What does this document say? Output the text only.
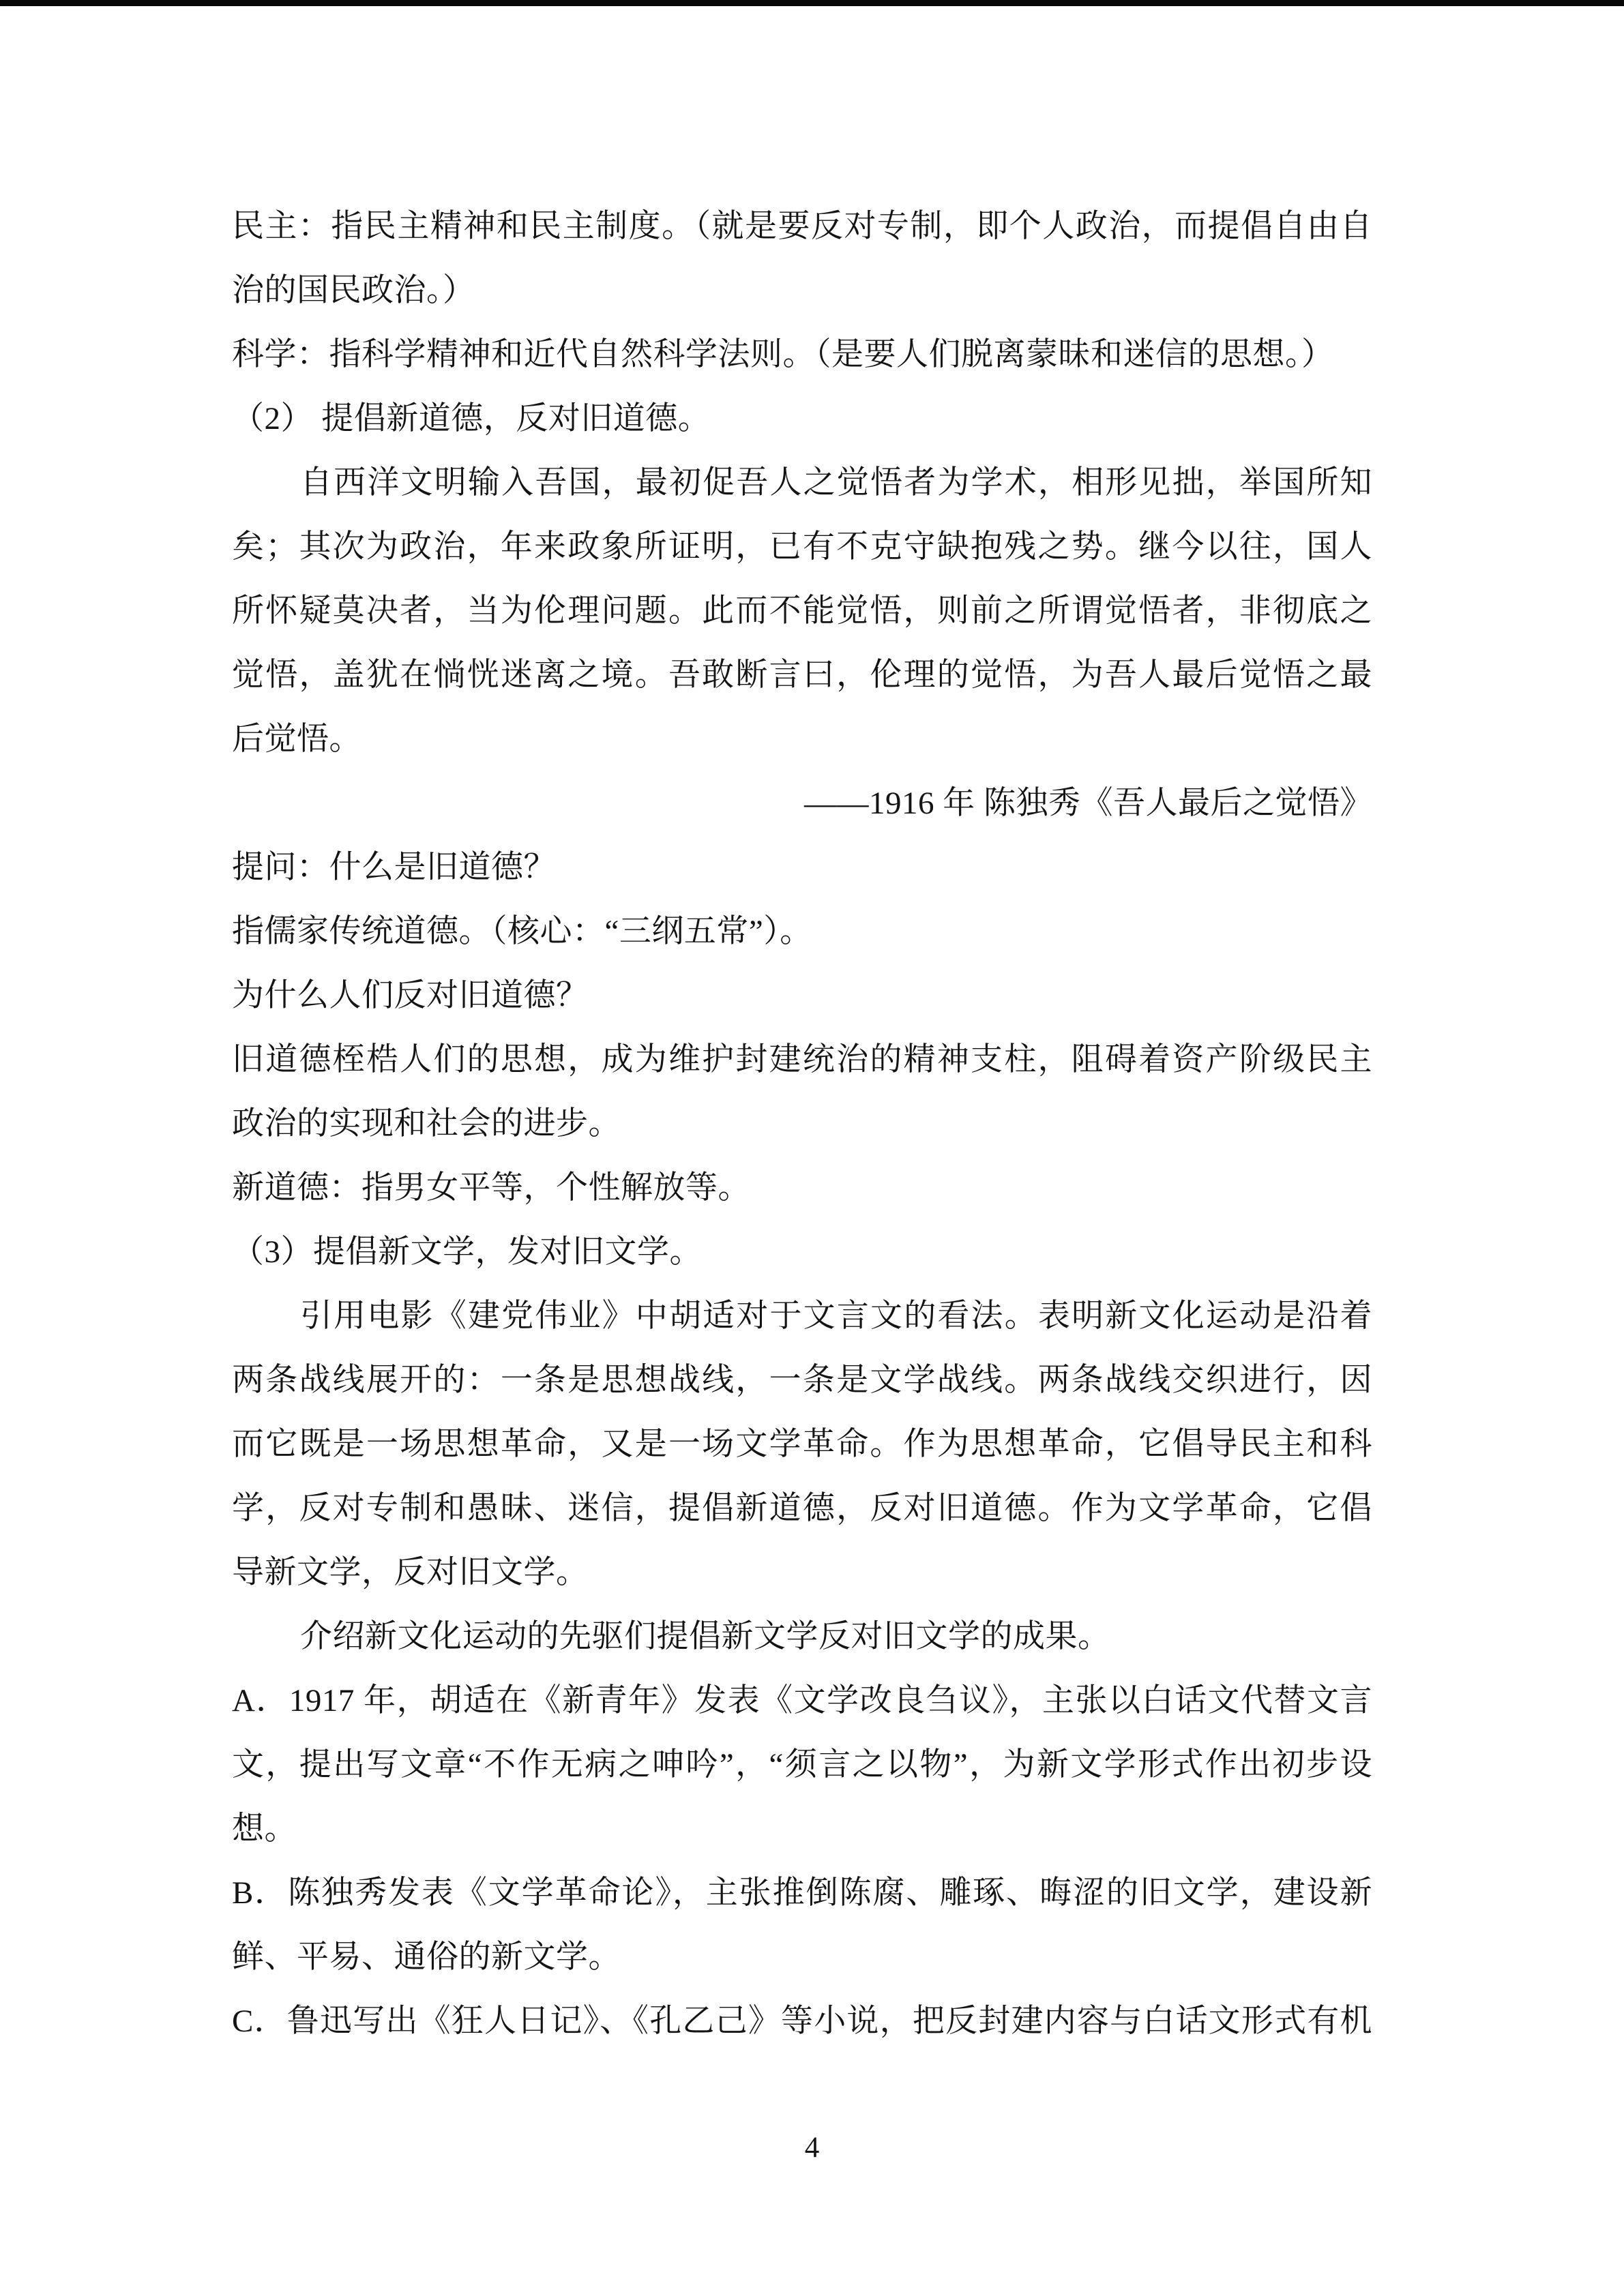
民主：指民主精神和民主制度。（就是要反对专制，即个人政治，而提倡自由自
治的国民政治。）
科学：指科学精神和近代自然科学法则。（是要人们脱离蒙昧和迷信的思想。）
（2） 提倡新道德，反对旧道德。
自西洋文明输入吾国，最初促吾人之觉悟者为学术，相形见拙，举国所知
矣；其次为政治，年来政象所证明，已有不克守缺抱残之势。继今以往，国人
所怀疑莫决者，当为伦理问题。此而不能觉悟，则前之所谓觉悟者，非彻底之
觉悟，盖犹在惝恍迷离之境。吾敢断言曰，伦理的觉悟，为吾人最后觉悟之最
后觉悟。
——1916 年 陈独秀《吾人最后之觉悟》
提问：什么是旧道德？
指儒家传统道德。（核心：“三纲五常”）。
为什么人们反对旧道德？
旧道德桎梏人们的思想，成为维护封建统治的精神支柱，阻碍着资产阶级民主
政治的实现和社会的进步。
新道德：指男女平等，个性解放等。
（3）提倡新文学，发对旧文学。
引用电影《建党伟业》中胡适对于文言文的看法。表明新文化运动是沿着
两条战线展开的：一条是思想战线，一条是文学战线。两条战线交织进行，因
而它既是一场思想革命，又是一场文学革命。作为思想革命，它倡导民主和科
学，反对专制和愚昧、迷信，提倡新道德，反对旧道德。作为文学革命，它倡
导新文学，反对旧文学。
介绍新文化运动的先驱们提倡新文学反对旧文学的成果。
A．1917 年，胡适在《新青年》发表《文学改良刍议》，主张以白话文代替文言
文，提出写文章“不作无病之呻吟”，“须言之以物”，为新文学形式作出初步设
想。
B．陈独秀发表《文学革命论》，主张推倒陈腐、雕琢、晦涩的旧文学，建设新
鲜、平易、通俗的新文学。
C．鲁迅写出《狂人日记》、《孔乙己》等小说，把反封建内容与白话文形式有机
4
